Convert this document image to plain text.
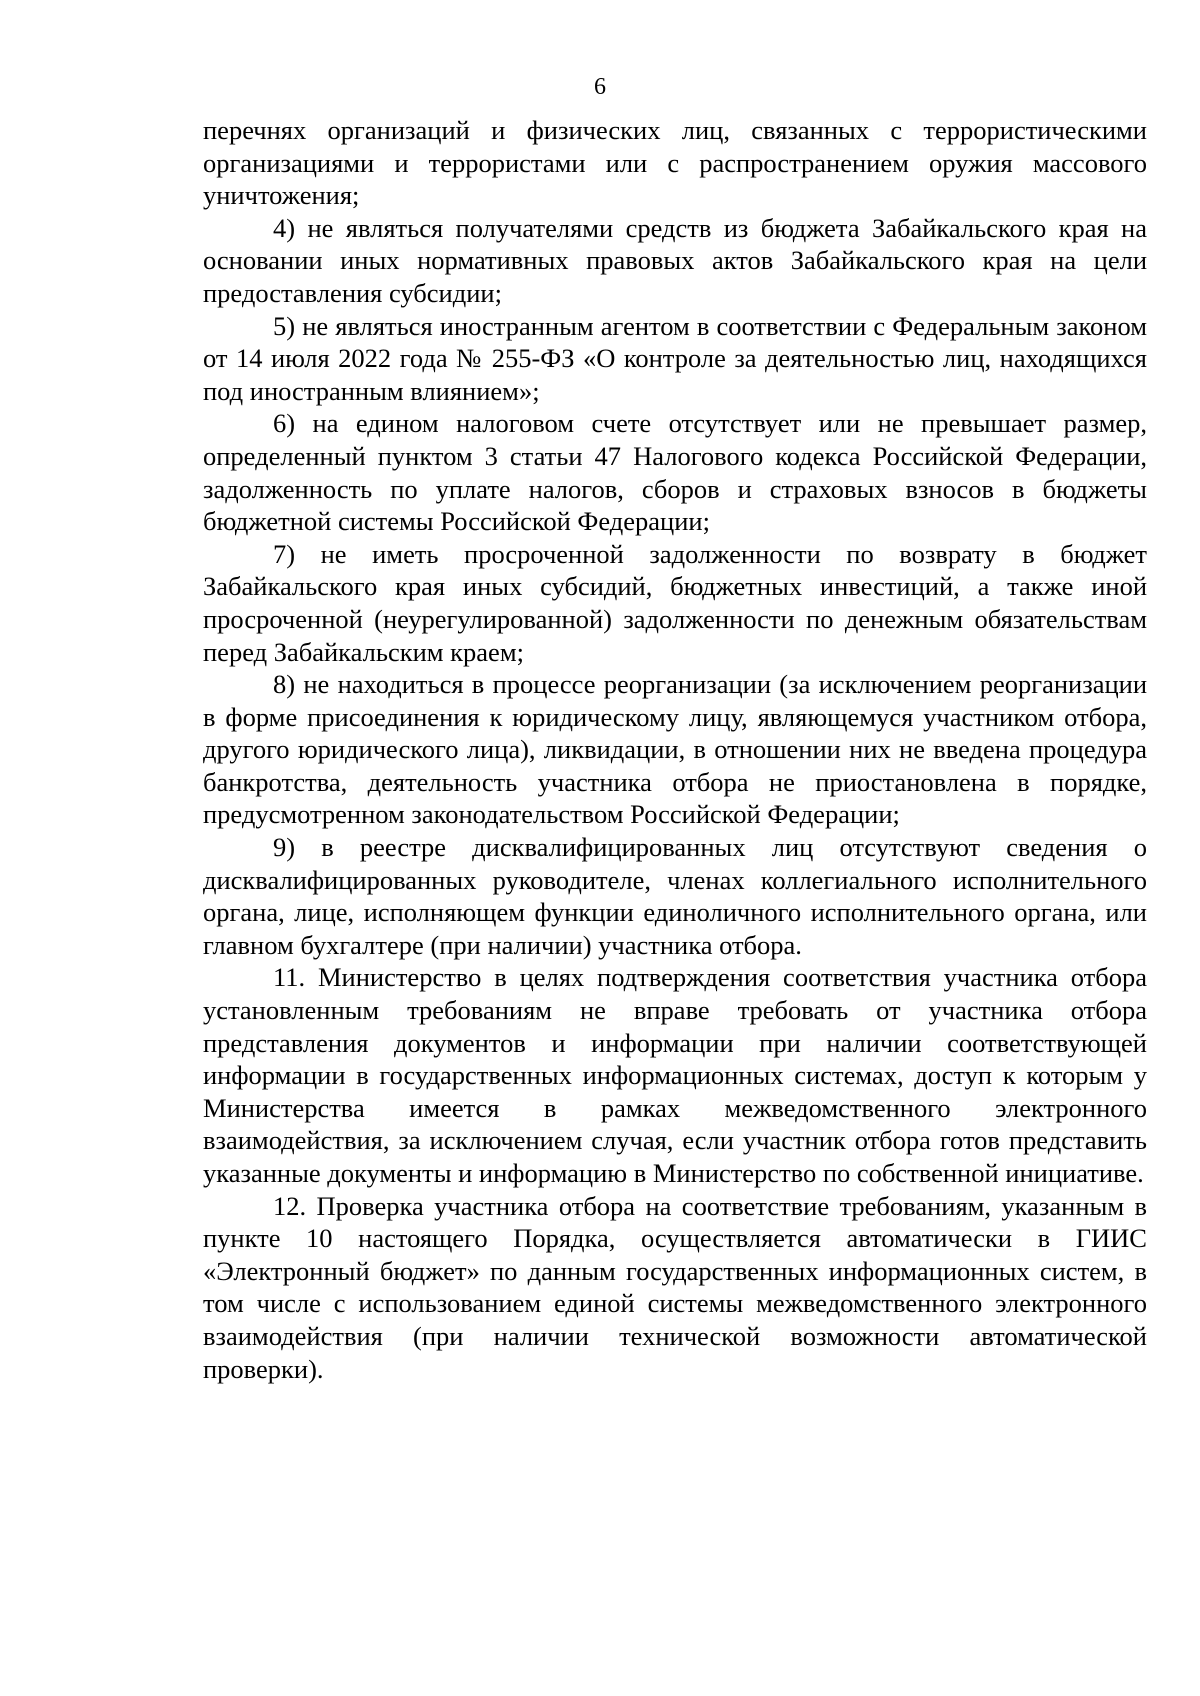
6

перечнях организаций и физических лиц, связанных с террористическими организациями и террористами или с распространением оружия массового уничтожения;

4) не являться получателями средств из бюджета Забайкальского края на основании иных нормативных правовых актов Забайкальского края на цели предоставления субсидии;

5) не являться иностранным агентом в соответствии с Федеральным законом от 14 июля 2022 года № 255-ФЗ «О контроле за деятельностью лиц, находящихся под иностранным влиянием»;

6) на едином налоговом счете отсутствует или не превышает размер, определенный пунктом 3 статьи 47 Налогового кодекса Российской Федерации, задолженность по уплате налогов, сборов и страховых взносов в бюджеты бюджетной системы Российской Федерации;

7) не иметь просроченной задолженности по возврату в бюджет Забайкальского края иных субсидий, бюджетных инвестиций, а также иной просроченной (неурегулированной) задолженности по денежным обязательствам перед Забайкальским краем;

8) не находиться в процессе реорганизации (за исключением реорганизации в форме присоединения к юридическому лицу, являющемуся участником отбора, другого юридического лица), ликвидации, в отношении них не введена процедура банкротства, деятельность участника отбора не приостановлена в порядке, предусмотренном законодательством Российской Федерации;

9) в реестре дисквалифицированных лиц отсутствуют сведения о дисквалифицированных руководителе, членах коллегиального исполнительного органа, лице, исполняющем функции единоличного исполнительного органа, или главном бухгалтере (при наличии) участника отбора.

11. Министерство в целях подтверждения соответствия участника отбора установленным требованиям не вправе требовать от участника отбора представления документов и информации при наличии соответствующей информации в государственных информационных системах, доступ к которым у Министерства имеется в рамках межведомственного электронного взаимодействия, за исключением случая, если участник отбора готов представить указанные документы и информацию в Министерство по собственной инициативе.

12. Проверка участника отбора на соответствие требованиям, указанным в пункте 10 настоящего Порядка, осуществляется автоматически в ГИИС «Электронный бюджет» по данным государственных информационных систем, в том числе с использованием единой системы межведомственного электронного взаимодействия (при наличии технической возможности автоматической проверки).
